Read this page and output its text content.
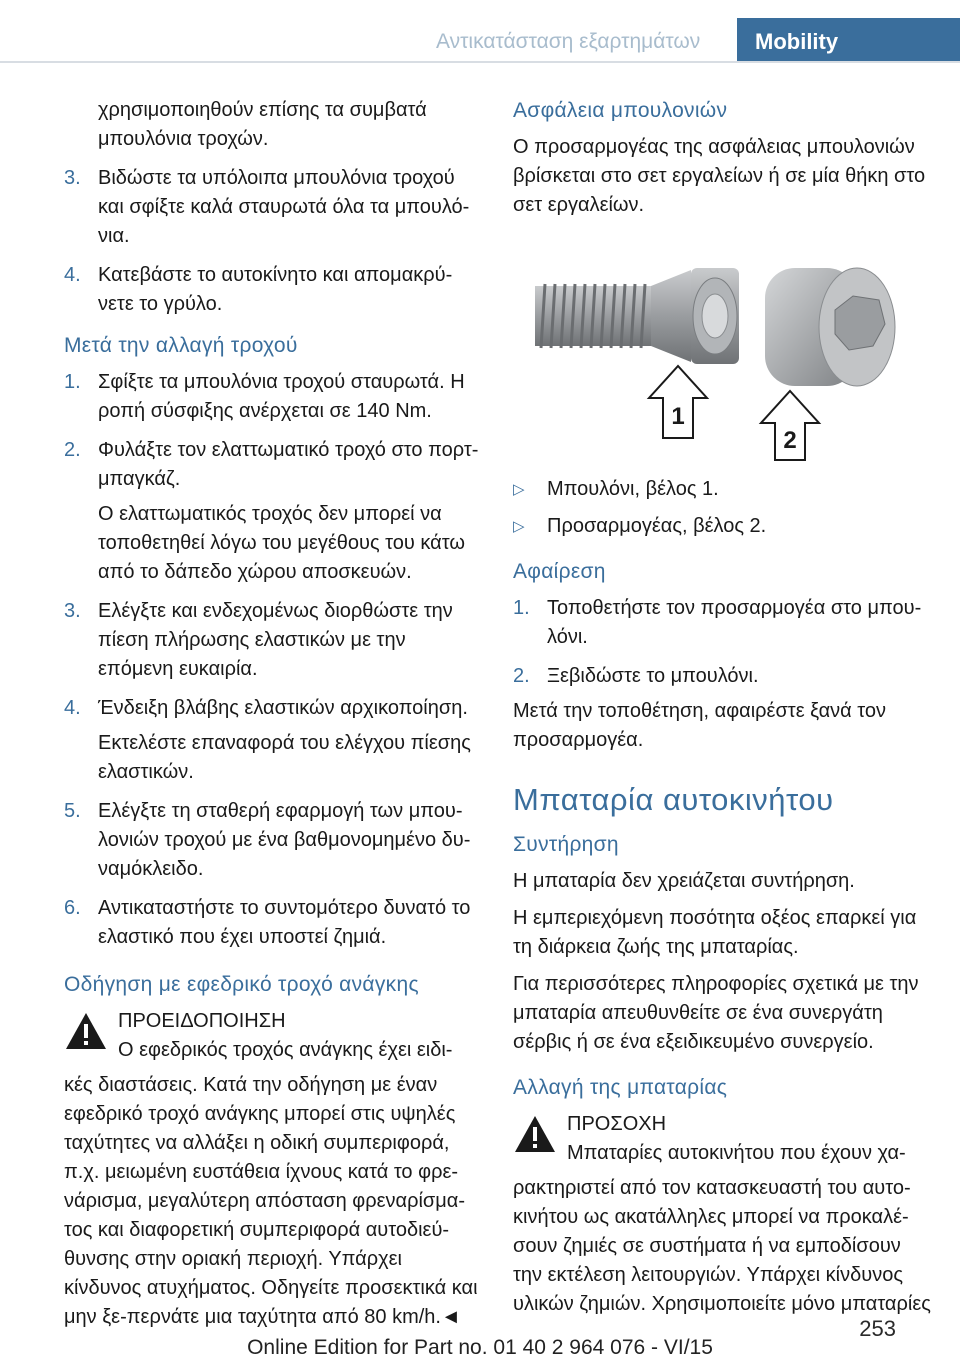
Αντικατάσταση εξαρτημάτων Mobility

χρησιμοποιηθούν επίσης τα συμβατά μπουλόνια τροχών.

3. Βιδώστε τα υπόλοιπα μπουλόνια τροχού και σφίξτε καλά σταυρωτά όλα τα μπουλό‐νια.
4. Κατεβάστε το αυτοκίνητο και απομακρύ‐νετε το γρύλο.
Μετά την αλλαγή τροχού
1. Σφίξτε τα μπουλόνια τροχού σταυρωτά. Η ροπή σύσφιξης ανέρχεται σε 140 Nm.
2. Φυλάξτε τον ελαττωματικό τροχό στο πορτ-μπαγκάζ.

Ο ελαττωματικός τροχός δεν μπορεί να τοποθετηθεί λόγω του μεγέθους του κάτω από το δάπεδο χώρου αποσκευών.

3. Ελέγξτε και ενδεχομένως διορθώστε την πίεση πλήρωσης ελαστικών με την επόμενη ευκαιρία.
4. Ένδειξη βλάβης ελαστικών αρχικοποίηση.

Εκτελέστε επαναφορά του ελέγχου πίεσης ελαστικών.

5. Ελέγξτε τη σταθερή εφαρμογή των μπου‐λονιών τροχού με ένα βαθμονομημένο δυ‐ναμόκλειδο.
6. Αντικαταστήστε το συντομότερο δυνατό το ελαστικό που έχει υποστεί ζημιά.
Οδήγηση με εφεδρικό τροχό ανάγκης
ΠΡΟΕΙΔΟΠΟΙΗΣΗ
Ο εφεδρικός τροχός ανάγκης έχει ειδι‐

κές διαστάσεις. Κατά την οδήγηση με έναν εφεδρικό τροχό ανάγκης μπορεί στις υψηλές ταχύτητες να αλλάξει η οδική συμπεριφορά, π.χ. μειωμένη ευστάθεια ίχνους κατά το φρε‐νάρισμα, μεγαλύτερη απόσταση φρεναρίσμα‐τος και διαφορετική συμπεριφορά αυτοδιεύ‐θυνσης στην οριακή περιοχή. Υπάρχει κίνδυνος ατυχήματος. Οδηγείτε προσεκτικά και μην ξε‐περνάτε μια ταχύτητα από 80 km/h.◄

Ασφάλεια μπουλονιών

Ο προσαρμογέας της ασφάλειας μπουλονιών βρίσκεται στο σετ εργαλείων ή σε μία θήκη στο σετ εργαλείων.

1
2
▷ Μπουλόνι, βέλος 1.
▷ Προσαρμογέας, βέλος 2.
Αφαίρεση
1. Τοποθετήστε τον προσαρμογέα στο μπου‐λόνι.
2. Ξεβιδώστε το μπουλόνι.

Μετά την τοποθέτηση, αφαιρέστε ξανά τον προσαρμογέα.

Μπαταρία αυτοκινήτου
Συντήρηση

Η μπαταρία δεν χρειάζεται συντήρηση.

Η εμπεριεχόμενη ποσότητα οξέος επαρκεί για τη διάρκεια ζωής της μπαταρίας.

Για περισσότερες πληροφορίες σχετικά με την μπαταρία απευθυνθείτε σε ένα συνεργάτη σέρβις ή σε ένα εξειδικευμένο συνεργείο.

Αλλαγή της μπαταρίας
ΠΡΟΣΟΧΗ
Μπαταρίες αυτοκινήτου που έχουν χα‐

ρακτηριστεί από τον κατασκευαστή του αυτο‐κινήτου ως ακατάλληλες μπορεί να προκαλέ‐σουν ζημιές σε συστήματα ή να εμποδίσουν την εκτέλεση λειτουργιών. Υπάρχει κίνδυνος υλικών ζημιών. Χρησιμοποιείτε μόνο μπαταρίες

253
Online Edition for Part no. 01 40 2 964 076 - VI/15
